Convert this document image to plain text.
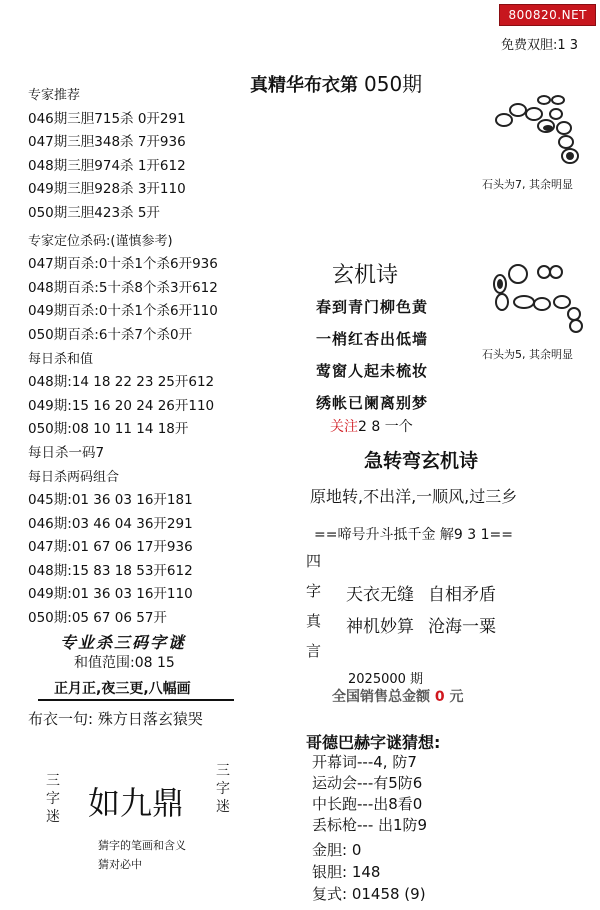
800820.NET
免费双胆:1 3
真精华布衣第 050期
专家推荐
046期三胆715杀 0开291
047期三胆348杀 7开936
048期三胆974杀 1开612
049期三胆928杀 3开110
050期三胆423杀 5开
专家定位杀码:(谨慎参考)
047期百杀:0十杀1个杀6开936
048期百杀:5十杀8个杀3开612
049期百杀:0十杀1个杀6开110
050期百杀:6十杀7个杀0开
每日杀和值
048期:14 18 22 23 25开612
049期:15 16 20 24 26开110
050期:08 10 11 14 18开
每日杀一码7
每日杀两码组合
045期:01 36 03 16开181
046期:03 46 04 36开291
047期:01 67 06 17开936
048期:15 83 18 53开612
049期:01 36 03 16开110
050期:05 67 06 57开
专业杀三码字谜
和值范围:08 15
正月正,夜三更,八幅画
布衣一句: 殊方日落玄猿哭
三
字
迷 如九鼎
三
字
迷
猜字的笔画和含义
猜对必中
石头为7, 其余明显
石头为5, 其余明显
玄机诗
春到青门柳色黄
一梢红杏出低墙
莺窗人起未梳妆
绣帐已阑离别梦
关注2 8 一个
急转弯玄机诗
原地转,不出洋,一顺风,过三乡
==啼号升斗抵千金 解9 3 1==
四
字
真
言
天衣无缝 自相矛盾
神机妙算 沧海一粟
2025000 期
全国销售总金额 0 元
哥德巴赫字谜猜想:
开幕词---4, 防7
运动会---有5防6
中长跑---出8看0
丢标枪--- 出1防9
金胆: 0
银胆: 148
复式: 01458 (9)
